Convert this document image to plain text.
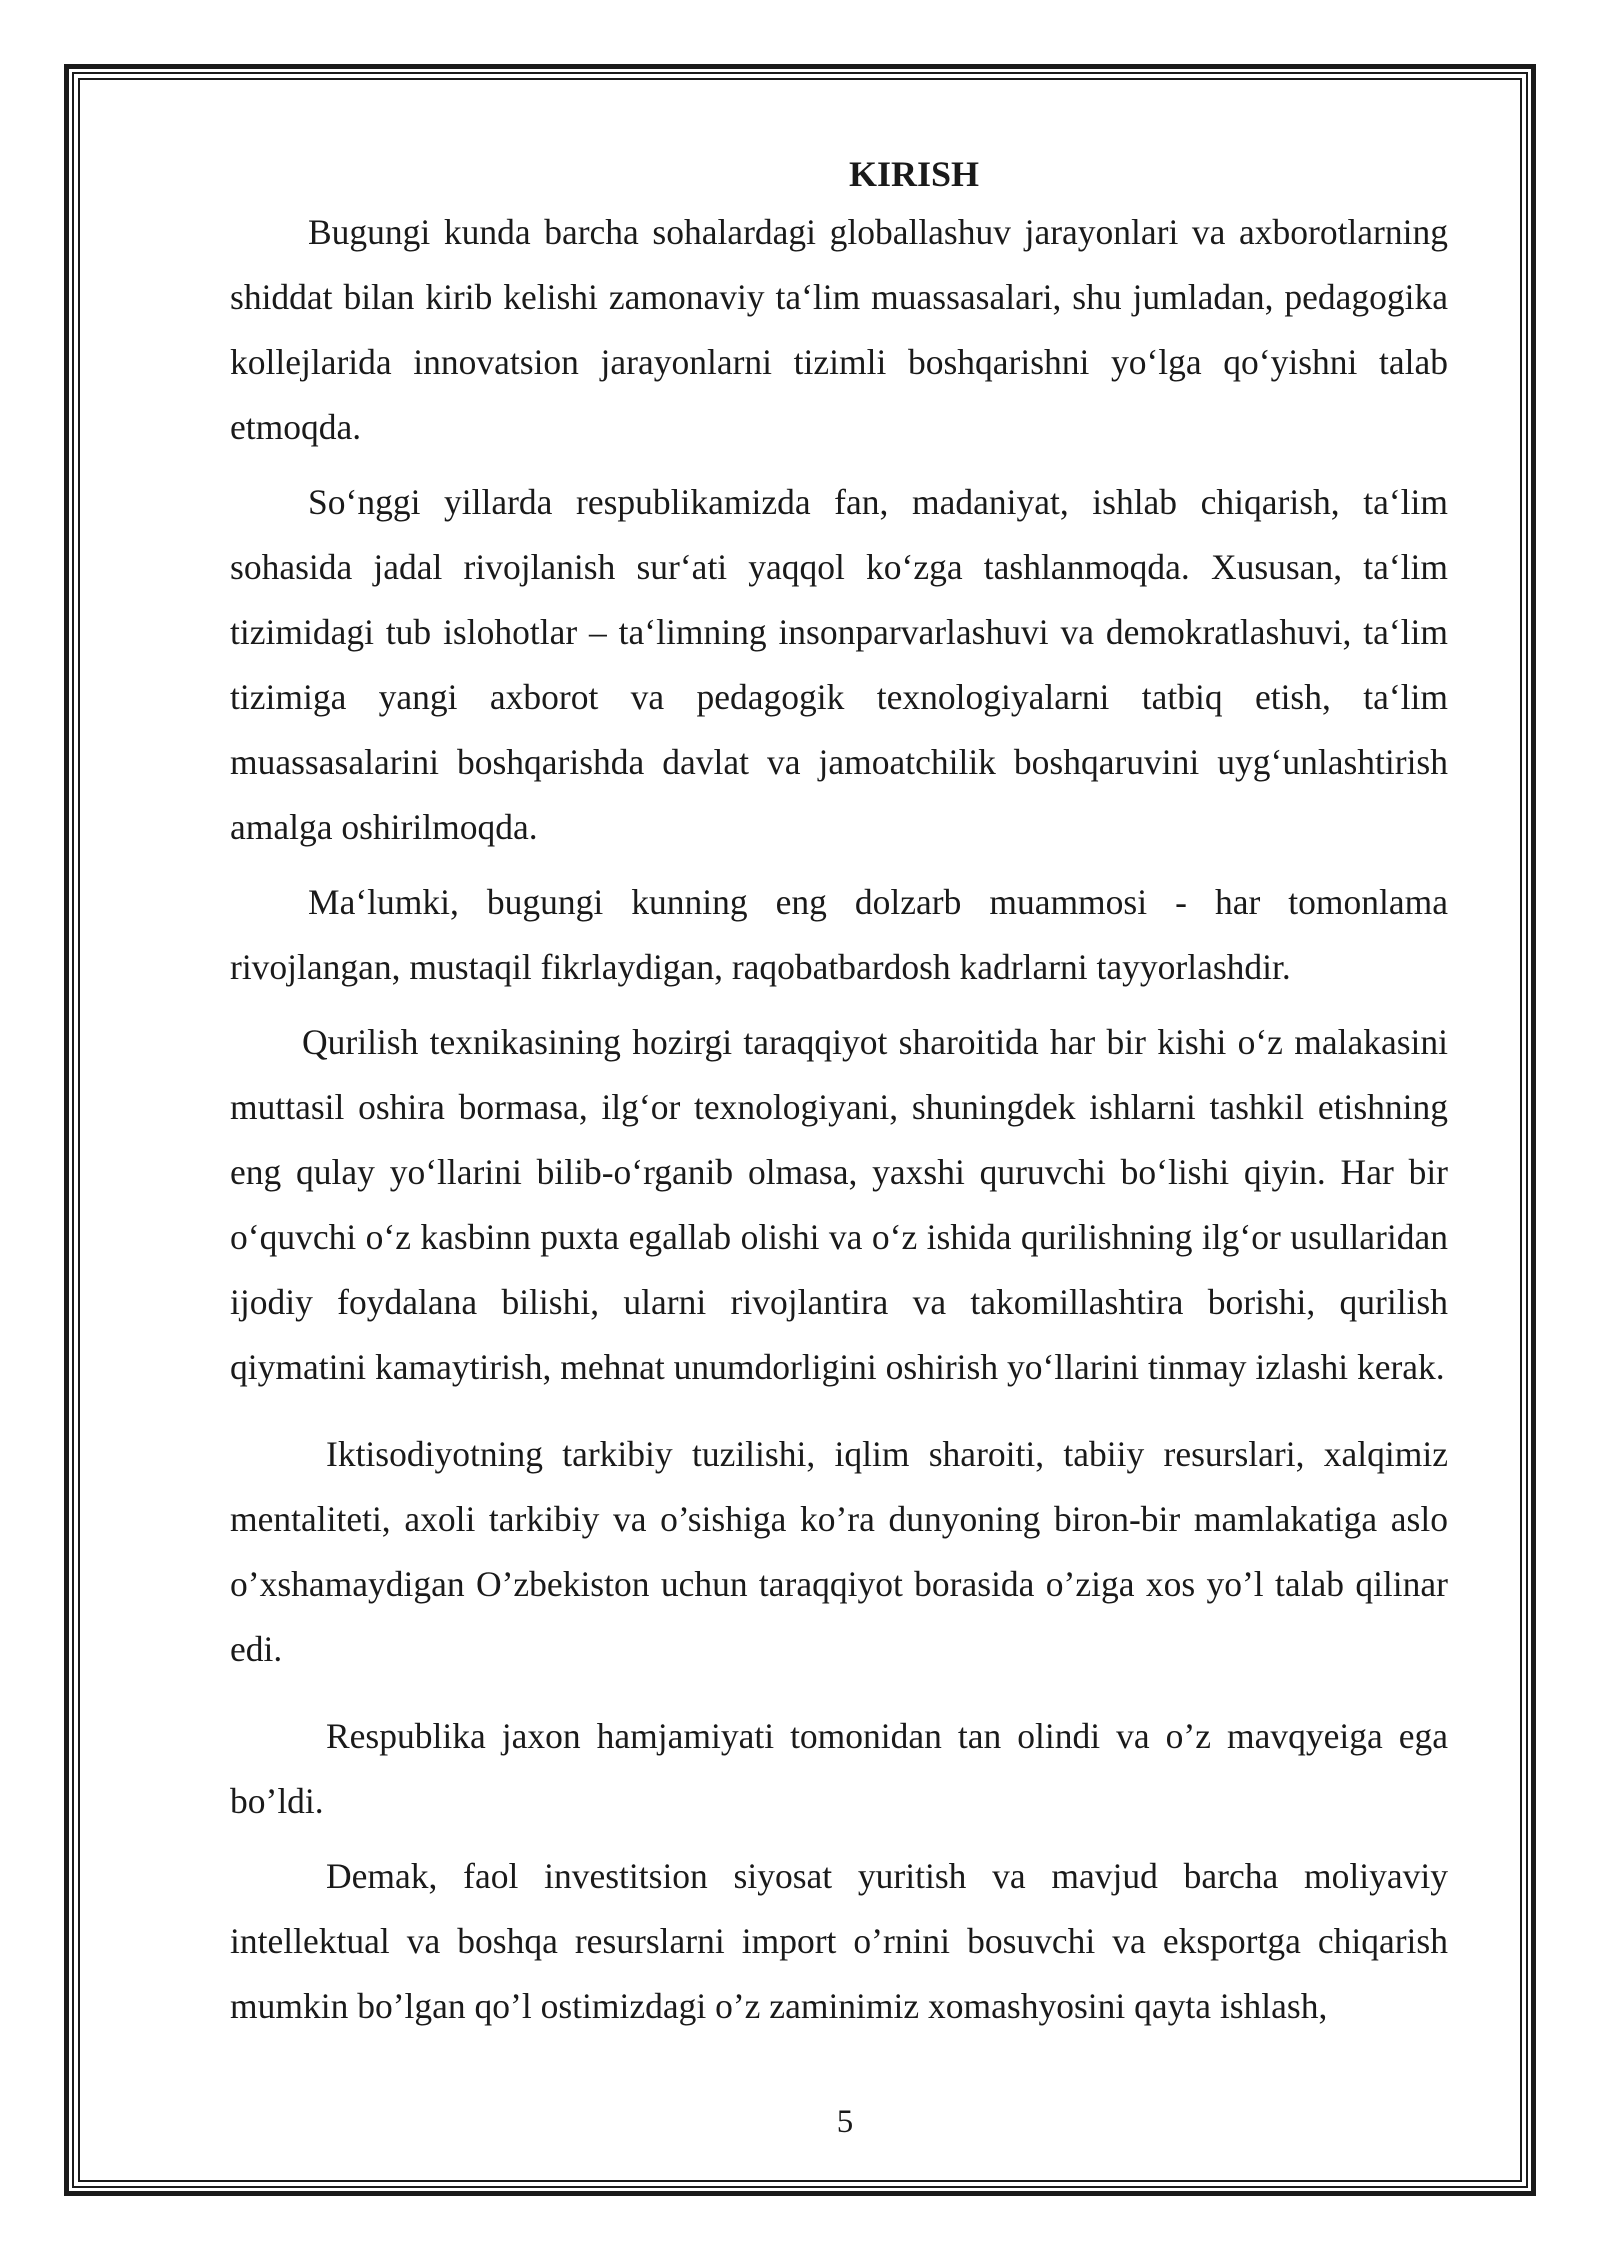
KIRISH

Bugungi kunda barcha sohalardagi globallashuv jarayonlari va axborotlarning shiddat bilan kirib kelishi zamonaviy ta‘lim muassasalari, shu jumladan, pedagogika kollejlarida innovatsion jarayonlarni tizimli boshqarishni yo‘lga qo‘yishni talab etmoqda.

So‘nggi yillarda respublikamizda fan, madaniyat, ishlab chiqarish, ta‘lim sohasida jadal rivojlanish sur‘ati yaqqol ko‘zga tashlanmoqda. Xususan, ta‘lim tizimidagi tub islohotlar – ta‘limning insonparvarlashuvi va demokratlashuvi, ta‘lim tizimiga yangi axborot va pedagogik texnologiyalarni tatbiq etish, ta‘lim muassasalarini boshqarishda davlat va jamoatchilik boshqaruvini uyg‘unlashtirish amalga oshirilmoqda.

Ma‘lumki, bugungi kunning eng dolzarb muammosi - har tomonlama rivojlangan, mustaqil fikrlaydigan, raqobatbardosh kadrlarni tayyorlashdir.

Qurilish texnikasining hozirgi taraqqiyot sharoitida har bir kishi o‘z malakasini muttasil oshira bormasa, ilg‘or texnologiyani, shuningdek ishlarni tashkil etishning eng qulay yo‘llarini bilib-o‘rganib olmasa, yaxshi quruvchi bo‘lishi qiyin. Har bir o‘quvchi o‘z kasbinn puxta egallab olishi va o‘z ishida qurilishning ilg‘or usullaridan ijodiy foydalana bilishi, ularni rivojlantira va takomillashtira borishi, qurilish qiymatini kamaytirish, mehnat unumdorligini oshirish yo‘llarini tinmay izlashi kerak.

Iktisodiyotning tarkibiy tuzilishi, iqlim sharoiti, tabiiy resurslari, xalqimiz mentaliteti, axoli tarkibiy va o’sishiga ko’ra dunyoning biron-bir mamlakatiga aslo o’xshamaydigan O’zbekiston uchun taraqqiyot borasida o’ziga xos yo’l talab qilinar edi.

Respublika jaxon hamjamiyati tomonidan tan olindi va o’z mavqyeiga ega bo’ldi.

Demak, faol investitsion siyosat yuritish va mavjud barcha moliyaviy intellektual va boshqa resurslarni import o’rnini bosuvchi va eksportga chiqarish mumkin bo’lgan qo’l ostimizdagi o’z zaminimiz xomashyosini qayta ishlash,

5
